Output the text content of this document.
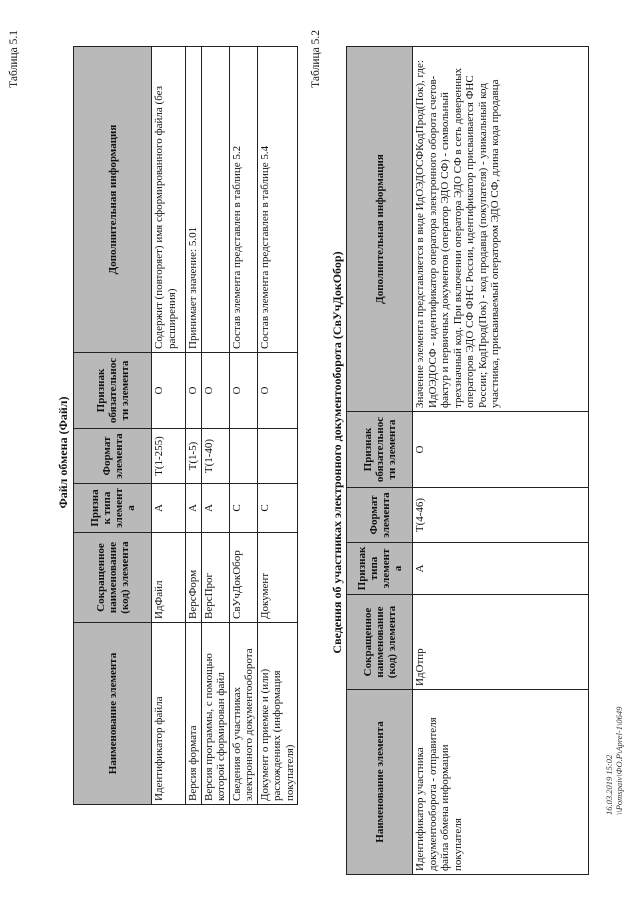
Таблица 5.1
Файл обмена (Файл)
Наименование элемента	Сокращенное наименование (код) элемента	Признак типа элемента	Формат элемента	Признак обязательности элемента	Дополнительная информация
Идентификатор файла	ИдФайл	А	Т(1-255)	О	Содержит (повторяет) имя сформированного файла (без расширения)
Версия формата	ВерсФорм	А	Т(1-5)	О	Принимает значение: 5.01
Версия программы, с помощью которой сформирован файл	ВерсПрог	А	Т(1-40)	О	
Сведения об участниках электронного документооборота	СвУчДокОбор	С		О	Состав элемента представлен в таблице 5.2
Документ о приемке и (или) расхождениях (информация покупателя)	Документ	С		О	Состав элемента представлен в таблице 5.4
Таблица 5.2
Сведения об участниках электронного документооборота (СвУчДокОбор)
Наименование элемента	Сокращенное наименование (код) элемента	Признак типа элемента	Формат элемента	Признак обязательности элемента	Дополнительная информация
Идентификатор участника документооборота - отправителя файла обмена информации покупателя	ИдОтпр	А	Т(4-46)	О	Значение элемента представляется в виде ИдОЭДОСФКодПрод(Пок), где: ИдОЭДОСФ - идентификатор оператора электронного оборота счетов-фактур и первичных документов (оператор ЭДО СФ) - символьный трехзначный код. При включении оператора ЭДО СФ в сеть доверенных операторов ЭДО СФ ФНС России, идентификатор присваивается ФНС России; КодПрод(Пок) - код продавца (покупателя) - уникальный код участника, присваиваемый оператором ЭДО СФ, длина кода продавца
16.03.2019 15:02 \\Pomspaiv\ФО.Р\Aprel-1\0649
